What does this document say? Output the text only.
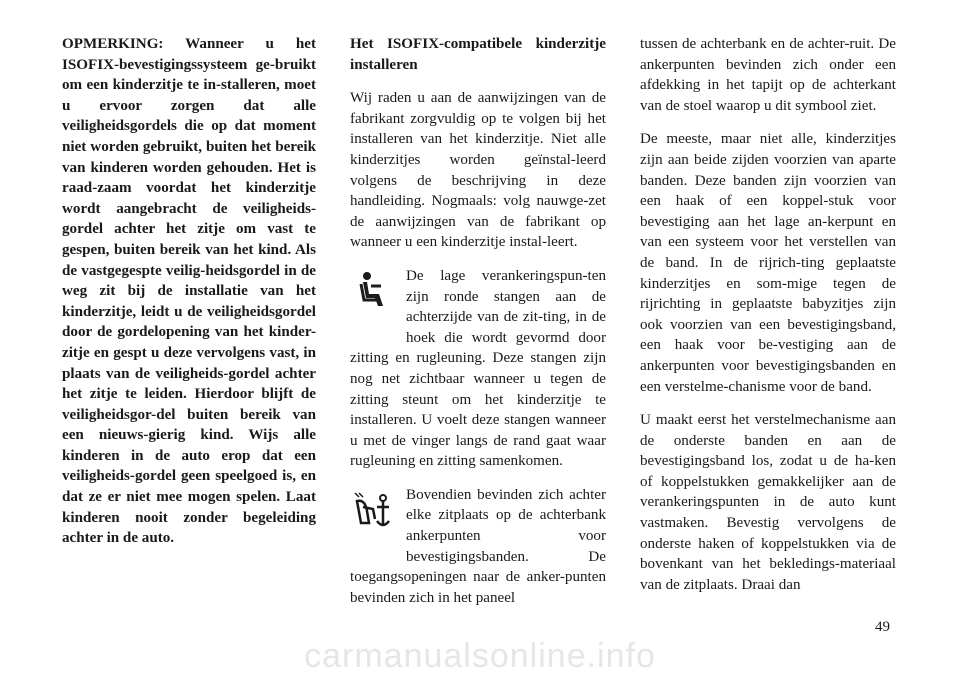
OPMERKING: Wanneer u het ISOFIX-bevestigingssysteem ge-bruikt om een kinderzitje te in-stalleren, moet u ervoor zorgen dat alle veiligheidsgordels die op dat moment niet worden gebruikt, buiten het bereik van kinderen worden gehouden. Het is raad-zaam voordat het kinderzitje wordt aangebracht de veiligheids-gordel achter het zitje om vast te gespen, buiten bereik van het kind. Als de vastgegespte veilig-heidsgordel in de weg zit bij de installatie van het kinderzitje, leidt u de veiligheidsgordel door de gordelopening van het kinder-zitje en gespt u deze vervolgens vast, in plaats van de veiligheids-gordel achter het zitje te leiden. Hierdoor blijft de veiligheidsgor-del buiten bereik van een nieuws-gierig kind. Wijs alle kinderen in de auto erop dat een veiligheids-gordel geen speelgoed is, en dat ze er niet mee mogen spelen. Laat kinderen nooit zonder begeleiding achter in de auto.

Het ISOFIX-compatibele kinderzitje installeren

Wij raden u aan de aanwijzingen van de fabrikant zorgvuldig op te volgen bij het installeren van het kinderzitje. Niet alle kinderzitjes worden geïnstal-leerd volgens de beschrijving in deze handleiding. Nogmaals: volg nauwge-zet de aanwijzingen van de fabrikant op wanneer u een kinderzitje instal-leert.

De lage verankeringspun-ten zijn ronde stangen aan de achterzijde van de zit-ting, in de hoek die wordt gevormd door zitting en rugleuning. Deze stangen zijn nog net zichtbaar wanneer u tegen de zitting steunt om het kinderzitje te installeren. U voelt deze stangen wanneer u met de vinger langs de rand gaat waar rugleuning en zitting samenkomen.
Bovendien bevinden zich achter elke zitplaats op de achterbank ankerpunten voor bevestigingsbanden. De toegangsopeningen naar de anker-punten bevinden zich in het paneel

tussen de achterbank en de achter-ruit. De ankerpunten bevinden zich onder een afdekking in het tapijt op de achterkant van de stoel waarop u dit symbool ziet.

De meeste, maar niet alle, kinderzitjes zijn aan beide zijden voorzien van aparte banden. Deze banden zijn voorzien van een haak of een koppel-stuk voor bevestiging aan het lage an-kerpunt en van een systeem voor het verstellen van de band. In de rijrich-ting geplaatste kinderzitjes en som-mige tegen de rijrichting in geplaatste babyzitjes zijn ook voorzien van een bevestigingsband, een haak voor be-vestiging aan de ankerpunten voor bevestigingsbanden en een verstelme-chanisme voor de band.

U maakt eerst het verstelmechanisme aan de onderste banden en aan de bevestigingsband los, zodat u de ha-ken of koppelstukken gemakkelijker aan de verankeringspunten in de auto kunt vastmaken. Bevestig vervolgens de onderste haken of koppelstukken via de bovenkant van het bekledings-materiaal van de zitplaats. Draai dan

49
carmanualsonline.info
